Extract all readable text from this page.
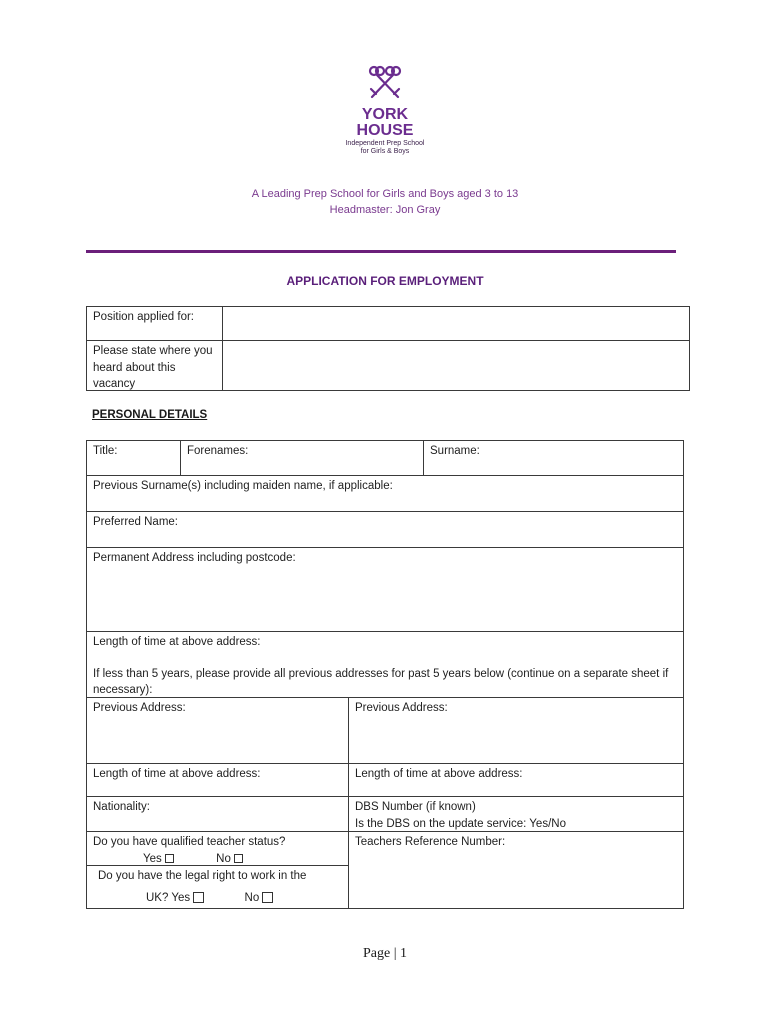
YORK
HOUSE
Independent Prep School
for Girls & Boys
A Leading Prep School for Girls and Boys aged 3 to 13
Headmaster: Jon Gray
APPLICATION FOR EMPLOYMENT
Position applied for:
Please state where you heard about this vacancy
PERSONAL DETAILS
Title:	Forenames:	Surname:
Previous Surname(s) including maiden name, if applicable:
Preferred Name:
Permanent Address including postcode:
Length of time at above address:
If less than 5 years, please provide all previous addresses for past 5 years below (continue on a separate sheet if necessary):
Previous Address:	Previous Address:
Length of time at above address:	Length of time at above address:
Nationality:	DBS Number (if known)
Is the DBS on the update service: Yes/No
Do you have qualified teacher status?
Yes	No
Teachers Reference Number:
Do you have the legal right to work in the
UK? Yes	No
Page | 1
